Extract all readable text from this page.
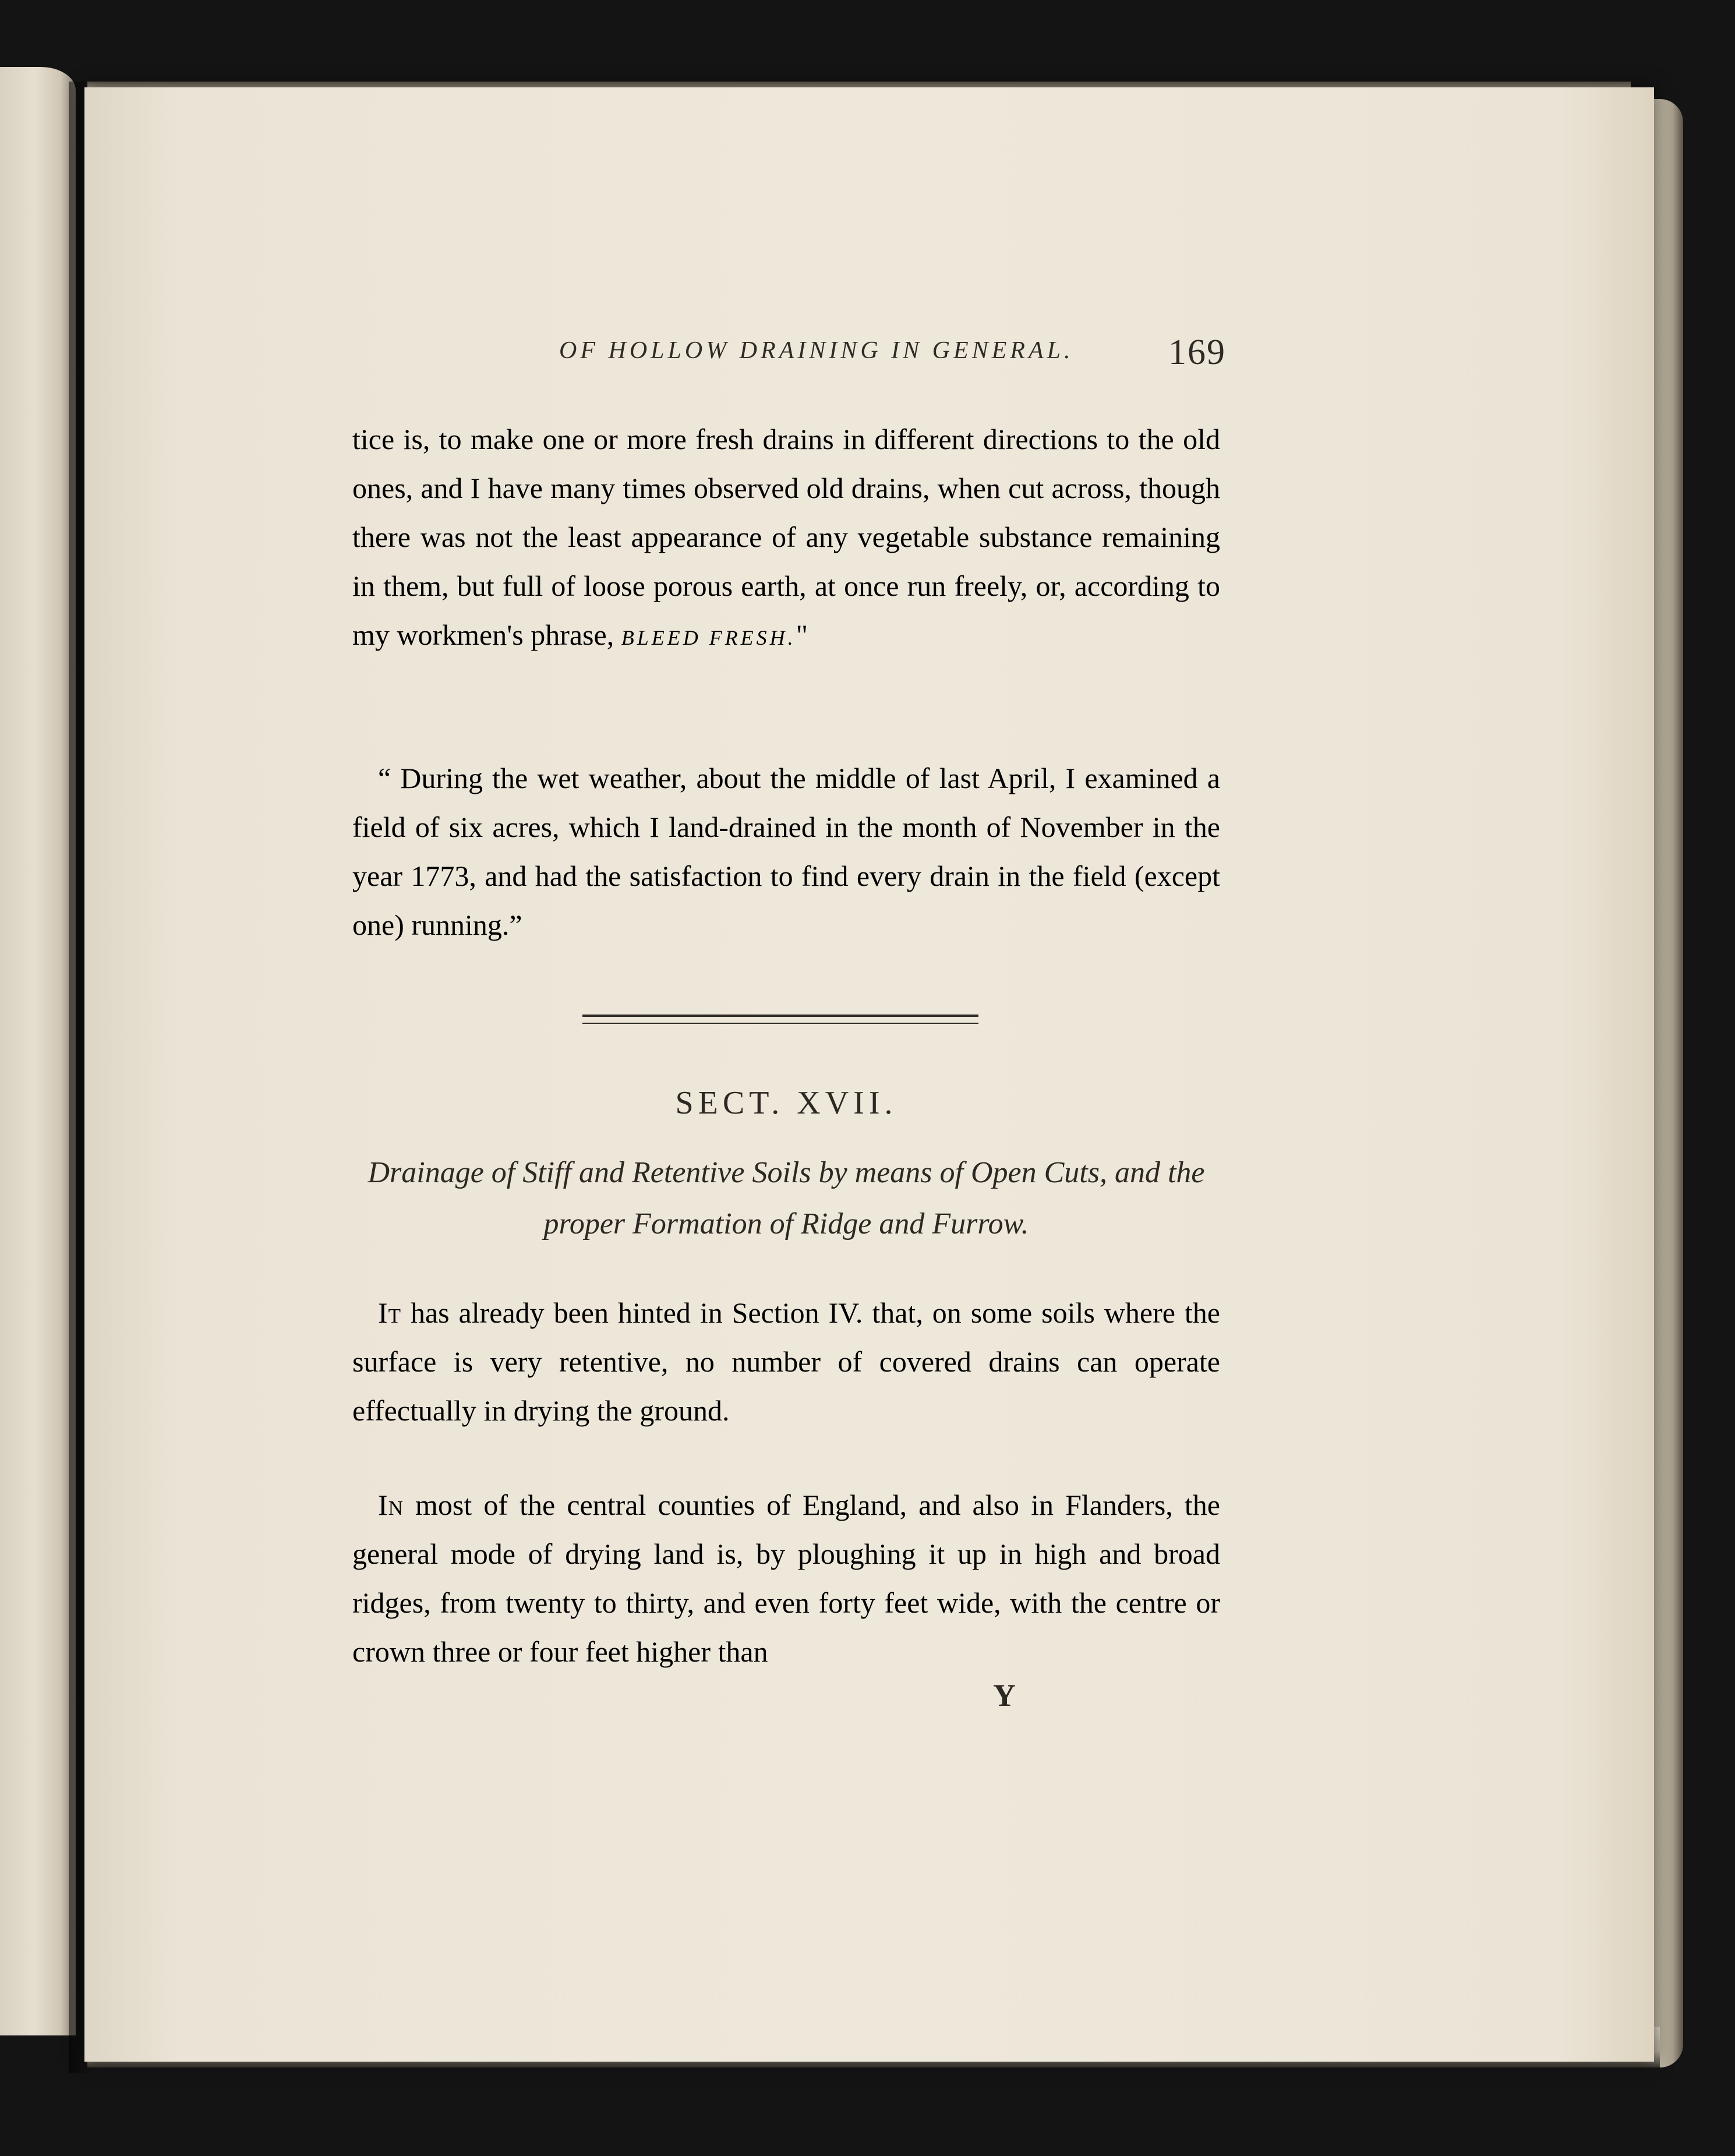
OF HOLLOW DRAINING IN GENERAL.	169

tice is, to make one or more fresh drains in different directions to the old ones, and I have many times observed old drains, when cut across, though there was not the least appearance of any vegetable substance remaining in them, but full of loose porous earth, at once run freely, or, according to my workmen's phrase, BLEED FRESH."

“ During the wet weather, about the middle of last April, I examined a field of six acres, which I land-drained in the month of November in the year 1773, and had the satisfaction to find every drain in the field (except one) running.”

SECT. XVII.
Drainage of Stiff and Retentive Soils by means of Open Cuts, and the proper Formation of Ridge and Furrow.

It has already been hinted in Section IV. that, on some soils where the surface is very retentive, no number of covered drains can operate effectually in drying the ground.

In most of the central counties of England, and also in Flanders, the general mode of drying land is, by ploughing it up in high and broad ridges, from twenty to thirty, and even forty feet wide, with the centre or crown three or four feet higher than

Y
